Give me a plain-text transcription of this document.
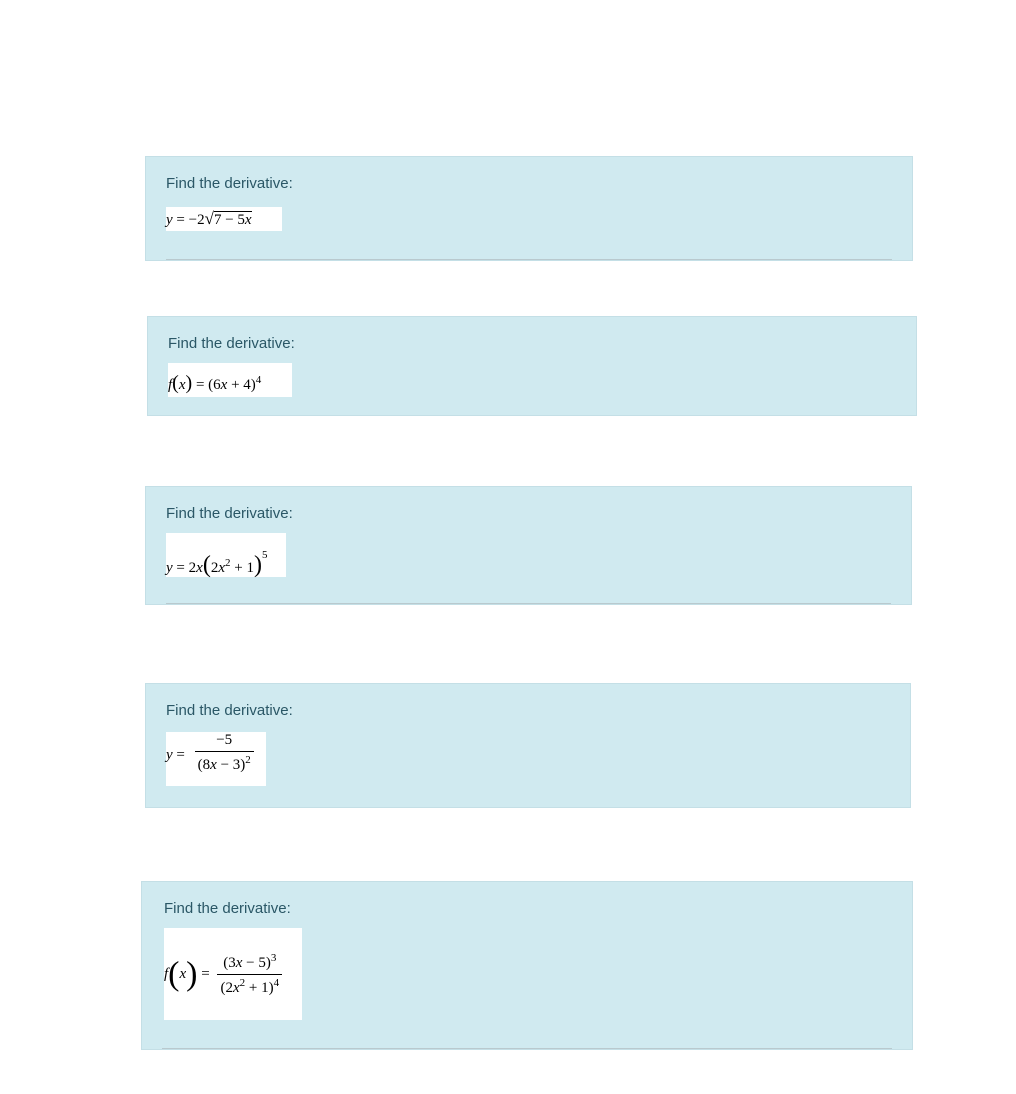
Find the derivative:
y = −2√7 − 5x
Find the derivative:
$f(x) = (6x + 4)^4$
Find the derivative:
$y = 2x(2x^2 + 1)^5$
Find the derivative:
$y = \frac{-5}{(8x - 3)^2}$
Find the derivative:
$f(x) = \frac{(3x - 5)^3}{(2x^2 + 1)^4}$
